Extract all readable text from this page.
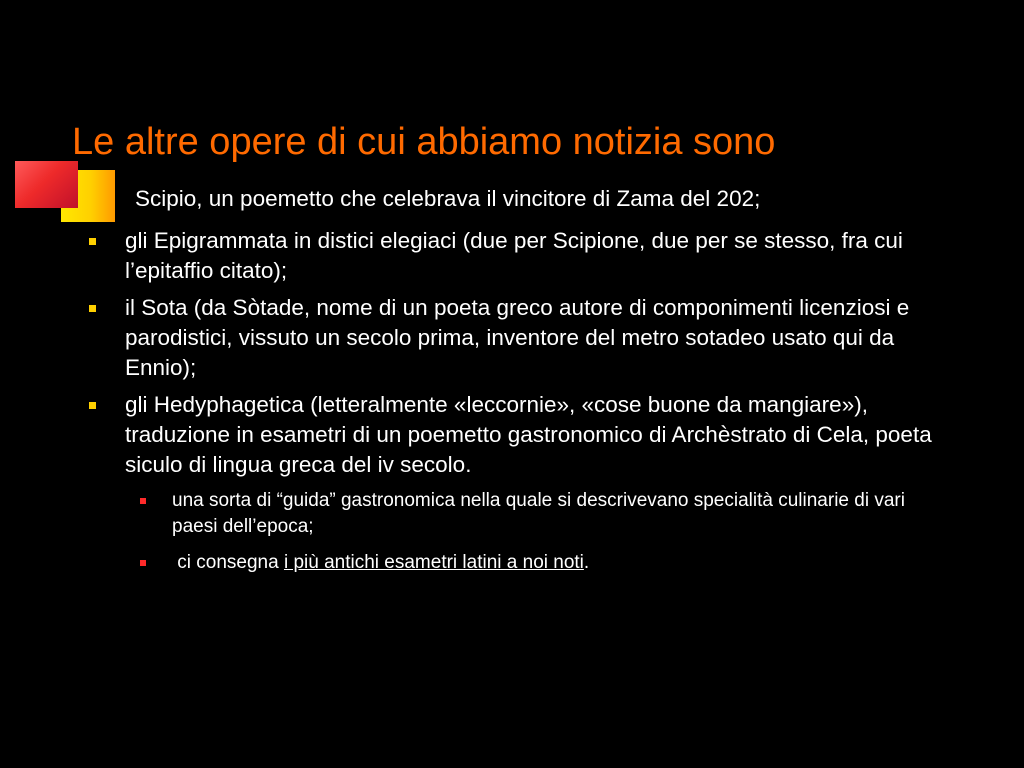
Le altre opere di cui abbiamo notizia sono
Scipio, un poemetto che celebrava il vincitore di Zama del 202;
gli Epigrammata in distici elegiaci (due per Scipione, due per se stesso, fra cui l’epitaffio citato);
il Sota (da Sòtade, nome di un poeta greco autore di componimenti licenziosi e parodistici, vissuto un secolo prima, inventore del metro sotadeo usato qui da Ennio);
gli Hedyphagetica (letteralmente «leccornie», «cose buone da mangiare»), traduzione in esametri di un poemetto gastronomico di Archèstrato di Cela, poeta siculo di lingua greca del iv secolo.
una sorta di “guida” gastronomica nella quale si descrivevano specialità culinarie di vari paesi dell’epoca;
ci consegna i più antichi esametri latini a noi noti.
